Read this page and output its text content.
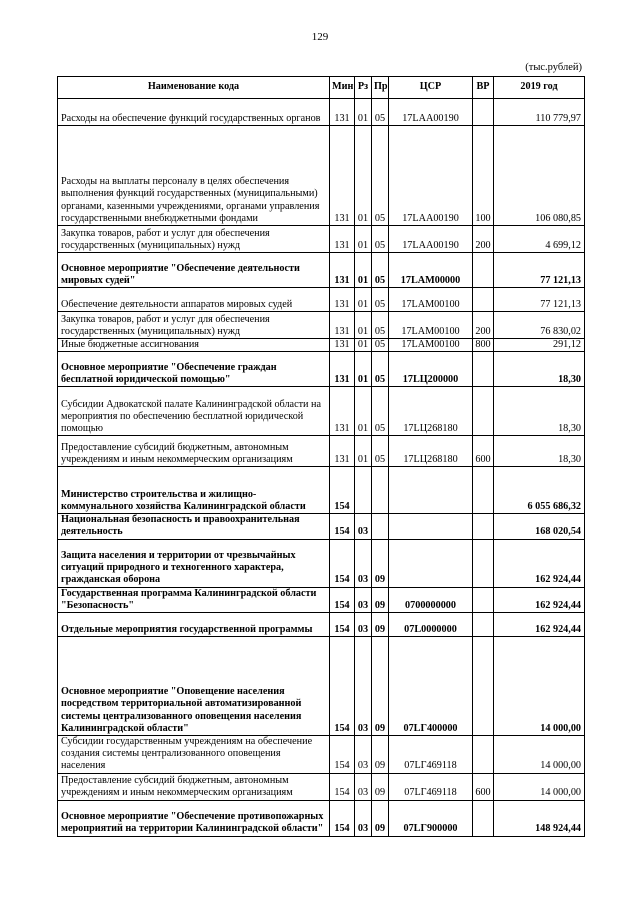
129
(тыс.рублей)
Наименование кода	Мин	Рз	Пр	ЦСР	ВР	2019 год
Расходы на обеспечение функций государственных органов	131	01	05	17LAA00190		110 779,97
Расходы на выплаты персоналу в целях обеспечения выполнения функций государственных (муниципальными) органами, казенными учреждениями, органами управления государственными внебюджетными фондами	131	01	05	17LAA00190	100	106 080,85
Закупка товаров, работ и услуг для обеспечения государственных (муниципальных) нужд	131	01	05	17LAA00190	200	4 699,12
Основное мероприятие "Обеспечение деятельности мировых судей"	131	01	05	17LAM00000		77 121,13
Обеспечение деятельности аппаратов мировых судей	131	01	05	17LAM00100		77 121,13
Закупка товаров, работ и услуг для обеспечения государственных (муниципальных) нужд	131	01	05	17LAM00100	200	76 830,02
Иные бюджетные ассигнования	131	01	05	17LAM00100	800	291,12
Основное мероприятие "Обеспечение граждан бесплатной юридической помощью"	131	01	05	17LЦ200000		18,30
Субсидии Адвокатской палате Калининградской области на мероприятия по обеспечению бесплатной юридической помощью	131	01	05	17LЦ268180		18,30
Предоставление субсидий бюджетным, автономным учреждениям и иным некоммерческим организациям	131	01	05	17LЦ268180	600	18,30
Министерство строительства и жилищно-коммунального хозяйства Калининградской области	154					6 055 686,32
Национальная безопасность и правоохранительная деятельность	154	03				168 020,54
Защита населения и территории от чрезвычайных ситуаций природного и техногенного характера, гражданская оборона	154	03	09			162 924,44
Государственная программа Калининградской области "Безопасность"	154	03	09	0700000000		162 924,44
Отдельные мероприятия государственной программы	154	03	09	07L0000000		162 924,44
Основное мероприятие "Оповещение населения посредством территориальной автоматизированной системы централизованного оповещения населения Калининградской области"	154	03	09	07LГ400000		14 000,00
Субсидии государственным учреждениям на обеспечение создания системы централизованного оповещения населения	154	03	09	07LГ469118		14 000,00
Предоставление субсидий бюджетным, автономным учреждениям и иным некоммерческим организациям	154	03	09	07LГ469118	600	14 000,00
Основное мероприятие "Обеспечение противопожарных мероприятий на территории Калининградской области"	154	03	09	07LГ900000		148 924,44
